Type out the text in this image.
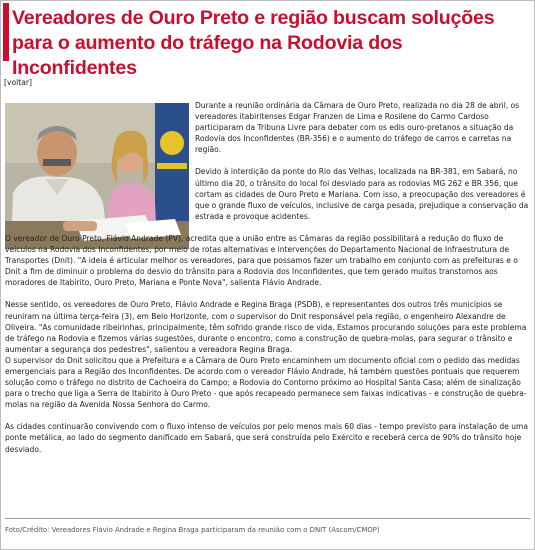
Vereadores de Ouro Preto e região buscam soluções para o aumento do tráfego na Rodovia dos Inconfidentes
[voltar]

Durante a reunião ordinária da Câmara de Ouro Preto, realizada no dia 28 de abril, os vereadores itabiritenses Edgar Franzen de Lima e Rosilene do Carmo Cardoso participaram da Tribuna Livre para debater com os edis ouro-pretanos a situação da Rodovia dos Inconfidentes (BR-356) e o aumento do tráfego de carros e carretas na região.

Devido à interdição da ponte do Rio das Velhas, localizada na BR-381, em Sabará, no último dia 20, o trânsito do local foi desviado para as rodovias MG 262 e BR 356, que cortam as cidades de Ouro Preto e Mariana. Com isso, a preocupação dos vereadores é que o grande fluxo de veículos, inclusive de carga pesada, prejudique a conservação da estrada e provoque acidentes.

O vereador de Ouro Preto, Flávio Andrade (PV), acredita que a união entre as Câmaras da região possibilitará a redução do fluxo de veículos na Rodovia dos Inconfidentes, por meio de rotas alternativas e intervenções do Departamento Nacional de Infraestrutura de Transportes (Dnit). "A ideia é articular melhor os vereadores, para que possamos fazer um trabalho em conjunto com as prefeituras e o Dnit a fim de diminuir o problema do desvio do trânsito para a Rodovia dos Inconfidentes, que tem gerado muitos transtornos aos moradores de Itabirito, Ouro Preto, Mariana e Ponte Nova", salienta Flávio Andrade.

Nesse sentido, os vereadores de Ouro Preto, Flávio Andrade e Regina Braga (PSDB), e representantes dos outros três municípios se reuniram na última terça-feira (3), em Belo Horizonte, com o supervisor do Dnit responsável pela região, o engenheiro Alexandre de Oliveira. "As comunidade ribeirinhas, principalmente, têm sofrido grande risco de vida. Estamos procurando soluções para este problema de tráfego na Rodovia e fizemos várias sugestões, durante o encontro, como a construção de quebra-molas, para segurar o trânsito e aumentar a segurança dos pedestres", salientou a vereadora Regina Braga.

O supervisor do Dnit solicitou que a Prefeitura e a Câmara de Ouro Preto encaminhem um documento oficial com o pedido das medidas emergenciais para a Região dos Inconfidentes. De acordo com o vereador Flávio Andrade, há também questões pontuais que requerem solução como o tráfego no distrito de Cachoeira do Campo; a Rodovia do Contorno próximo ao Hospital Santa Casa; além de sinalização para o trecho que liga a Serra de Itabirito à Ouro Preto - que após recapeado permanece sem faixas indicativas - e construção de quebra-molas na região da Avenida Nossa Senhora do Carmo.

As cidades continuarão convivendo com o fluxo intenso de veículos por pelo menos mais 60 dias - tempo previsto para instalação de uma ponte metálica, ao lado do segmento danificado em Sabará, que será construída pelo Exército e receberá cerca de 90% do trânsito hoje desviado.

Foto/Crédito: Vereadores Flávio Andrade e Regina Braga participaram da reunião com o DNIT (Ascom/CMOP)
